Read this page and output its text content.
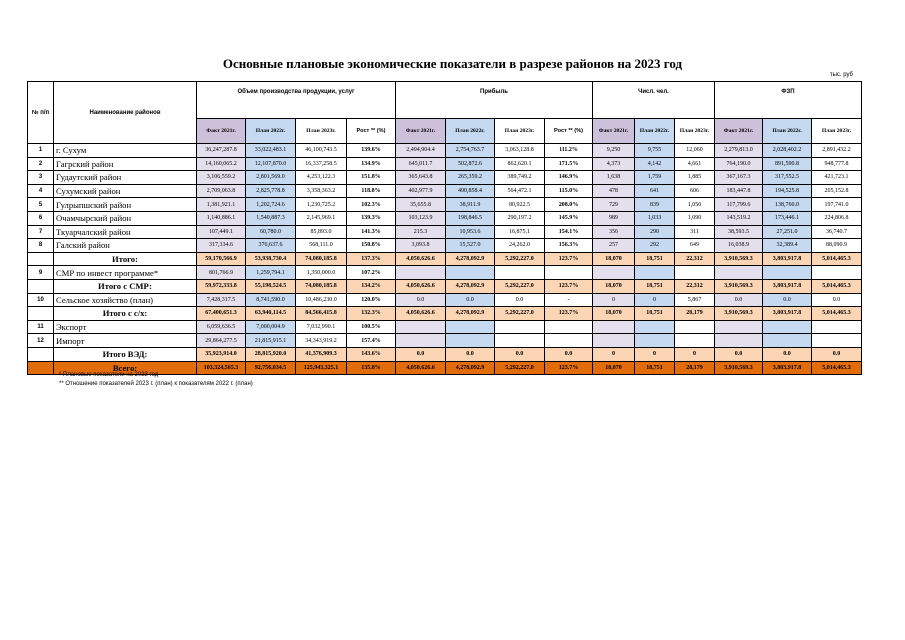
Основные плановые экономические показатели в разрезе районов на 2023 год
тыс. руб
№ п/п	Наименование районов	Объем производства продукции, услуг				Прибыль				Числ. чел.			ФЗП		
		Факт 2021г.	План 2022г.	План 2023г.	Рост ** (%)	Факт 2021г.	План 2022г.	План 2023г.	Рост ** (%)	Факт 2021г.	План 2022г.	План 2023г.	Факт 2021г.	План 2022г.	План 2023г.
1	г. Сухум	36,247,287.8	33,022,483.1	46,100,743.5	139.6%	2,494,904.4	2,754,763.7	3,063,128.8	111.2%	9,250	9,755	12,060	2,279,813.0	2,028,402.2	2,891,432.2
2	Гагрский район	14,160,065.2	12,107,870.0	16,337,258.5	134.9%	645,011.7	502,872.6	862,620.1	171.5%	4,373	4,142	4,661	764,190.0	891,590.8	948,777.8
3	Гудаутский район	3,106,559.2	2,801,569.0	4,253,122.3	151.8%	365,643.8	265,359.2	389,749.2	146.9%	1,638	1,759	1,885	367,167.3	317,552.5	421,723.1
4	Сухумский район	2,709,063.8	2,825,778.8	3,358,363.2	118.8%	402,977.9	490,858.4	564,472.1	115.0%	478	641	606	183,447.8	194,525.8	205,152.8
5	Гулрыпшский район	1,381,921.1	1,202,724.6	1,230,725.2	102.3%	35,655.8	38,911.9	80,922.5	208.0%	729	839	1,050	117,799.6	138,760.0	197,741.0
6	Очамчырский район	1,140,886.1	1,540,887.3	2,145,969.1	139.3%	103,123.9	198,846.5	290,197.2	145.9%	989	1,033	1,090	143,519.2	173,446.1	224,806.8
7	Ткуарчалский район	107,449.1	60,780.0	85,893.0	141.3%	215.3	10,953.6	16,875.1	154.1%	356	290	311	38,593.5	27,251.0	36,740.7
8	Галский район	317,334.6	376,637.6	568,111.0	150.8%	3,093.8	15,527.0	24,262.0	156.3%	257	292	649	16,038.9	32,389.4	88,090.9
	Итого:	59,170,566.9	53,938,730.4	74,080,185.8	137.3%	4,050,626.6	4,278,092.9	5,292,227.0	123.7%	18,070	18,751	22,312	3,910,569.3	3,803,917.8	5,014,465.3
9	СМР по инвест программе*	801,766.9	1,259,794.1	1,350,000.0	107.2%										
	Итого с СМР:	59,972,333.8	55,198,524.5	74,080,185.8	134.2%	4,050,626.6	4,278,092.9	5,292,227.0	123.7%	18,070	18,751	22,312	3,910,569.3	3,803,917.8	5,014,465.3
10	Сельское хозяйство (план)	7,428,317.5	8,741,590.0	10,486,230.0	120.0%	0.0	0.0	0.0	-	0	0	5,867	0.0	0.0	0.0
	Итого с с/х:	67,400,651.3	63,940,114.5	84,566,415.8	132.3%	4,050,626.6	4,278,092.9	5,292,227.0	123.7%	18,070	18,751	28,179	3,910,569.3	3,803,917.8	5,014,465.3
11	Экспорт	6,059,636.5	7,000,004.9	7,032,990.1	100.5%										
12	Импорт	29,864,277.5	21,815,915.1	34,343,919.2	157.4%										
	Итого ВЭД:	35,923,914.0	28,815,920.0	41,376,909.3	143.6%	0.0	0.0	0.0	0.0	0	0	0	0.0	0.0	0.0
	Всего:	103,324,565.3	92,756,034.5	125,943,325.1	135.8%	4,050,626.6	4,278,092.9	5,292,227.0	123.7%	18,070	18,751	28,179	3,910,569.3	3,803,917.8	5,014,465.3
* Плановые показатели на 2023 год
** Отношение показателей 2023 г. (план) к показателям 2022 г. (план)
